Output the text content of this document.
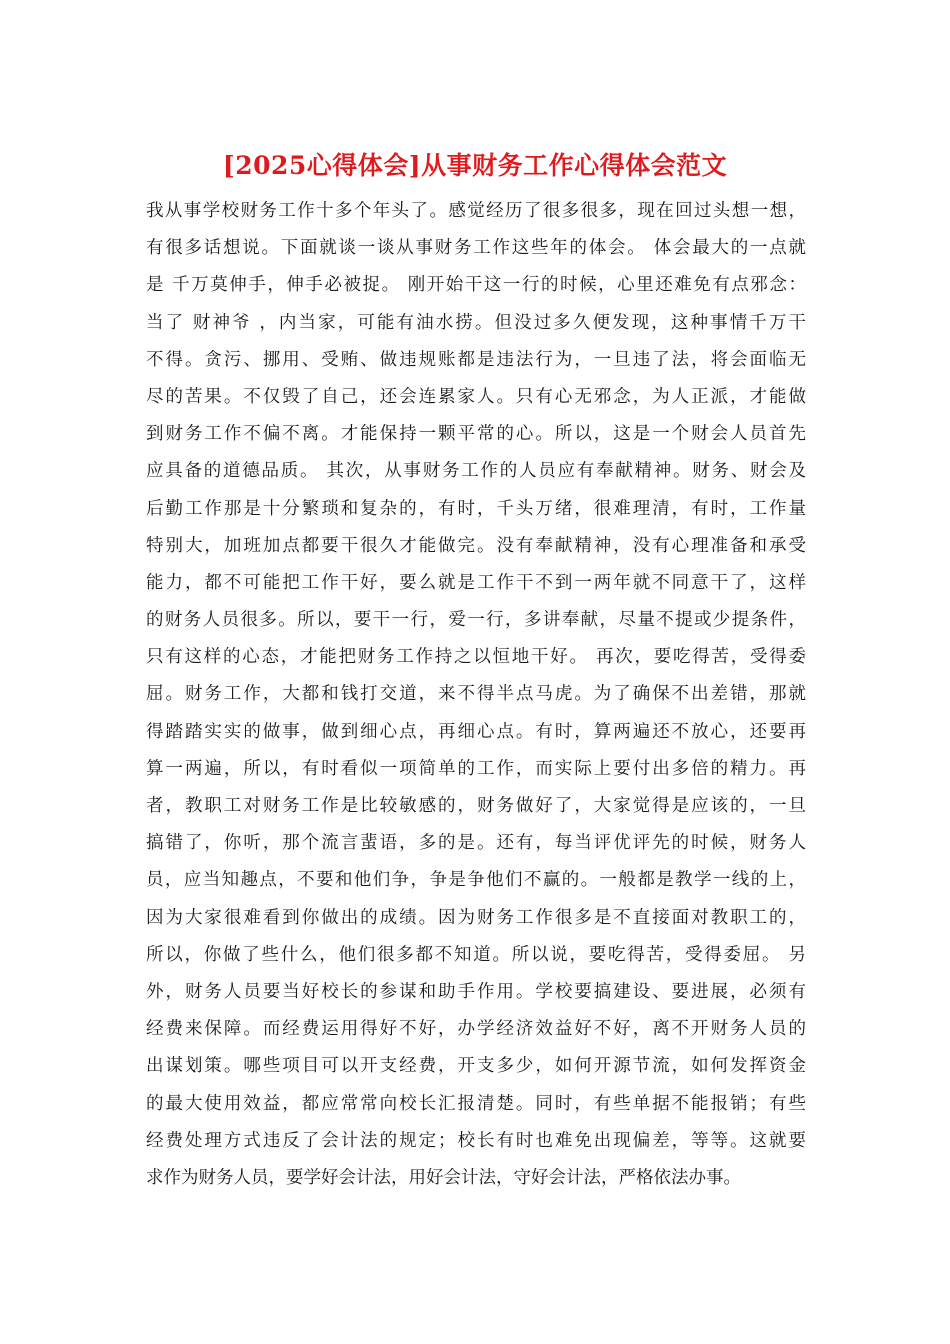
[2025心得体会]从事财务工作心得体会范文
我从事学校财务工作十多个年头了。感觉经历了很多很多，现在回过头想一想，
有很多话想说。下面就谈一谈从事财务工作这些年的体会。 体会最大的一点就
是 千万莫伸手，伸手必被捉。 刚开始干这一行的时候，心里还难免有点邪念：
当了 财神爷 ，内当家，可能有油水捞。但没过多久便发现，这种事情千万干
不得。贪污、挪用、受贿、做违规账都是违法行为，一旦违了法，将会面临无
尽的苦果。不仅毁了自己，还会连累家人。只有心无邪念，为人正派，才能做
到财务工作不偏不离。才能保持一颗平常的心。所以，这是一个财会人员首先
应具备的道德品质。 其次，从事财务工作的人员应有奉献精神。财务、财会及
后勤工作那是十分繁琐和复杂的，有时，千头万绪，很难理清，有时，工作量
特别大，加班加点都要干很久才能做完。没有奉献精神，没有心理准备和承受
能力，都不可能把工作干好，要么就是工作干不到一两年就不同意干了，这样
的财务人员很多。所以，要干一行，爱一行，多讲奉献，尽量不提或少提条件，
只有这样的心态，才能把财务工作持之以恒地干好。 再次，要吃得苦，受得委
屈。财务工作，大都和钱打交道，来不得半点马虎。为了确保不出差错，那就
得踏踏实实的做事，做到细心点，再细心点。有时，算两遍还不放心，还要再
算一两遍，所以，有时看似一项简单的工作，而实际上要付出多倍的精力。再
者，教职工对财务工作是比较敏感的，财务做好了，大家觉得是应该的，一旦
搞错了，你听，那个流言蜚语，多的是。还有，每当评优评先的时候，财务人
员，应当知趣点，不要和他们争，争是争他们不赢的。一般都是教学一线的上，
因为大家很难看到你做出的成绩。因为财务工作很多是不直接面对教职工的，
所以，你做了些什么，他们很多都不知道。所以说，要吃得苦，受得委屈。 另
外，财务人员要当好校长的参谋和助手作用。学校要搞建设、要进展，必须有
经费来保障。而经费运用得好不好，办学经济效益好不好，离不开财务人员的
出谋划策。哪些项目可以开支经费，开支多少，如何开源节流，如何发挥资金
的最大使用效益，都应常常向校长汇报清楚。同时，有些单据不能报销；有些
经费处理方式违反了会计法的规定；校长有时也难免出现偏差，等等。这就要
求作为财务人员，要学好会计法，用好会计法，守好会计法，严格依法办事。
